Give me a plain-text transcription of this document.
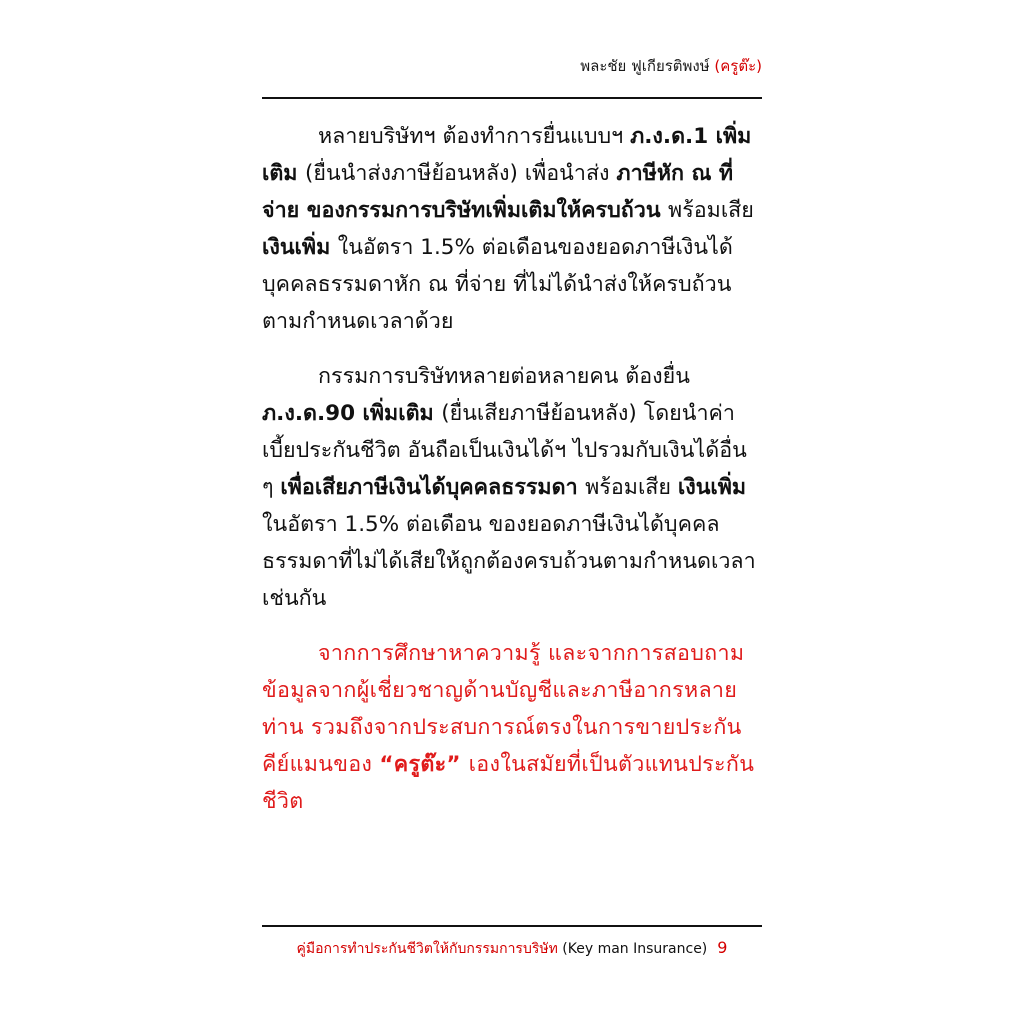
พละชัย ฟูเกียรติพงษ์ (ครูต๊ะ)

หลายบริษัทฯ ต้องทำการยื่นแบบฯ ภ.ง.ด.1 เพิ่มเติม (ยื่นนำส่งภาษีย้อนหลัง) เพื่อนำส่ง ภาษีหัก ณ ที่จ่าย ของกรรมการบริษัทเพิ่มเติมให้ครบถ้วน พร้อมเสีย เงินเพิ่ม ในอัตรา 1.5% ต่อเดือนของยอดภาษีเงินได้บุคคลธรรมดาหัก ณ ที่จ่าย ที่ไม่ได้นำส่งให้ครบถ้วนตามกำหนดเวลาด้วย

กรรมการบริษัทหลายต่อหลายคน ต้องยื่น ภ.ง.ด.90 เพิ่มเติม (ยื่นเสียภาษีย้อนหลัง) โดยนำค่าเบี้ยประกันชีวิต อันถือเป็นเงินได้ฯ ไปรวมกับเงินได้อื่น ๆ เพื่อเสียภาษีเงินได้บุคคลธรรมดา พร้อมเสีย เงินเพิ่ม ในอัตรา 1.5% ต่อเดือน ของยอดภาษีเงินได้บุคคลธรรมดาที่ไม่ได้เสียให้ถูกต้องครบถ้วนตามกำหนดเวลาเช่นกัน

จากการศึกษาหาความรู้ และจากการสอบถามข้อมูลจากผู้เชี่ยวชาญด้านบัญชีและภาษีอากรหลายท่าน รวมถึงจากประสบการณ์ตรงในการขายประกันคีย์แมนของ “ครูต๊ะ” เองในสมัยที่เป็นตัวแทนประกันชีวิต

คู่มือการทำประกันชีวิตให้กับกรรมการบริษัท (Key man Insurance) 9
